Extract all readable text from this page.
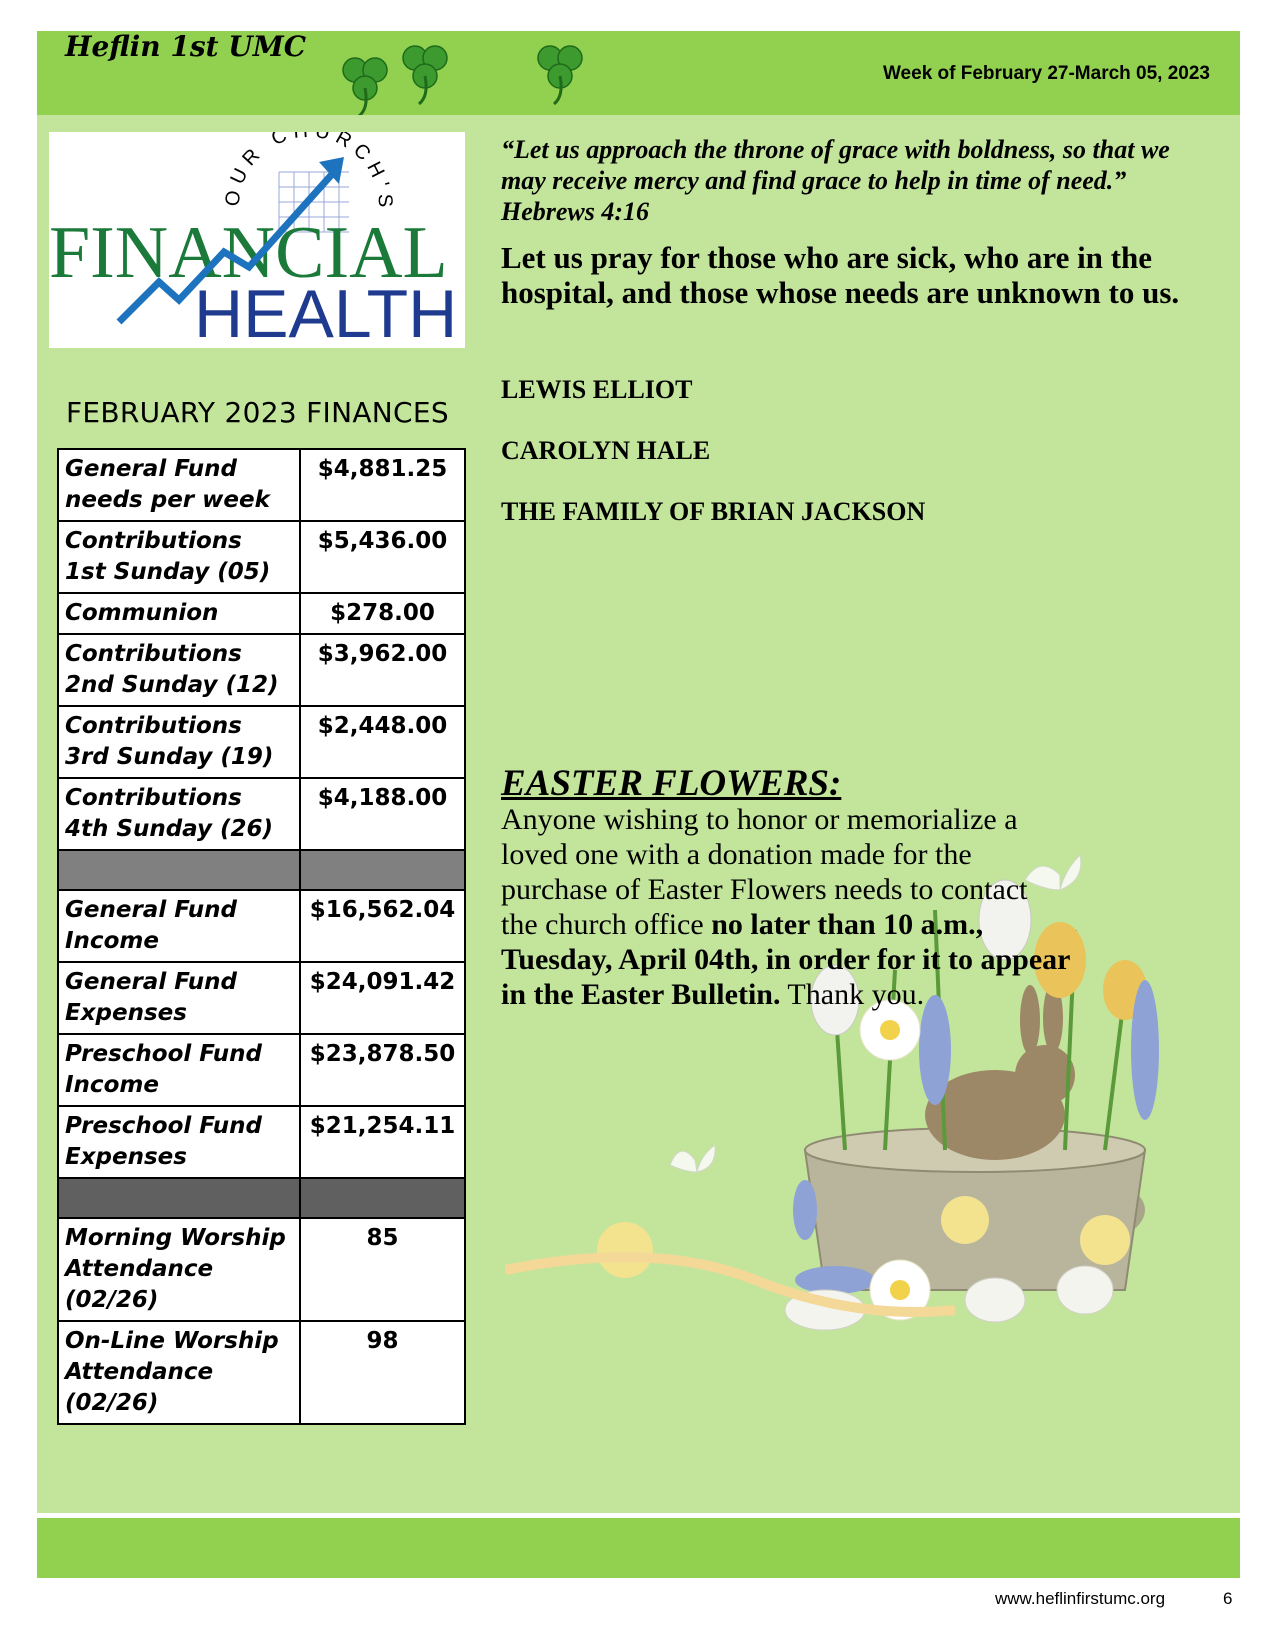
Heflin 1st UMC
Week of February 27-March 05, 2023
OUR C URCH'S
FINANCIAL
HEALTH
FEBRUARY 2023 FINANCES
General Fund
needs per week	$4,881.25
Contributions
1st Sunday (05)	$5,436.00
Communion	$278.00
Contributions
2nd Sunday (12)	$3,962.00
Contributions
3rd Sunday (19)	$2,448.00
Contributions
4th Sunday (26)	$4,188.00

General Fund
Income	$16,562.04
General Fund
Expenses	$24,091.42
Preschool Fund
Income	$23,878.50
Preschool Fund
Expenses	$21,254.11

Morning Worship
Attendance (02/26)	85
On-Line Worship
Attendance (02/26)	98
“Let us approach the throne of grace with boldness, so that we may receive mercy and find grace to help in time of need.” Hebrews 4:16
Let us pray for those who are sick, who are in the hospital, and those whose needs are unknown to us.
LEWIS ELLIOT
CAROLYN HALE
THE FAMILY OF BRIAN JACKSON
EASTER FLOWERS:
Anyone wishing to honor or memorialize a loved one with a donation made for the purchase of Easter Flowers needs to contact the church office no later than 10 a.m., Tuesday, April 04th, in order for it to appear in the Easter Bulletin. Thank you.
www.heflinfirstumc.org	6
